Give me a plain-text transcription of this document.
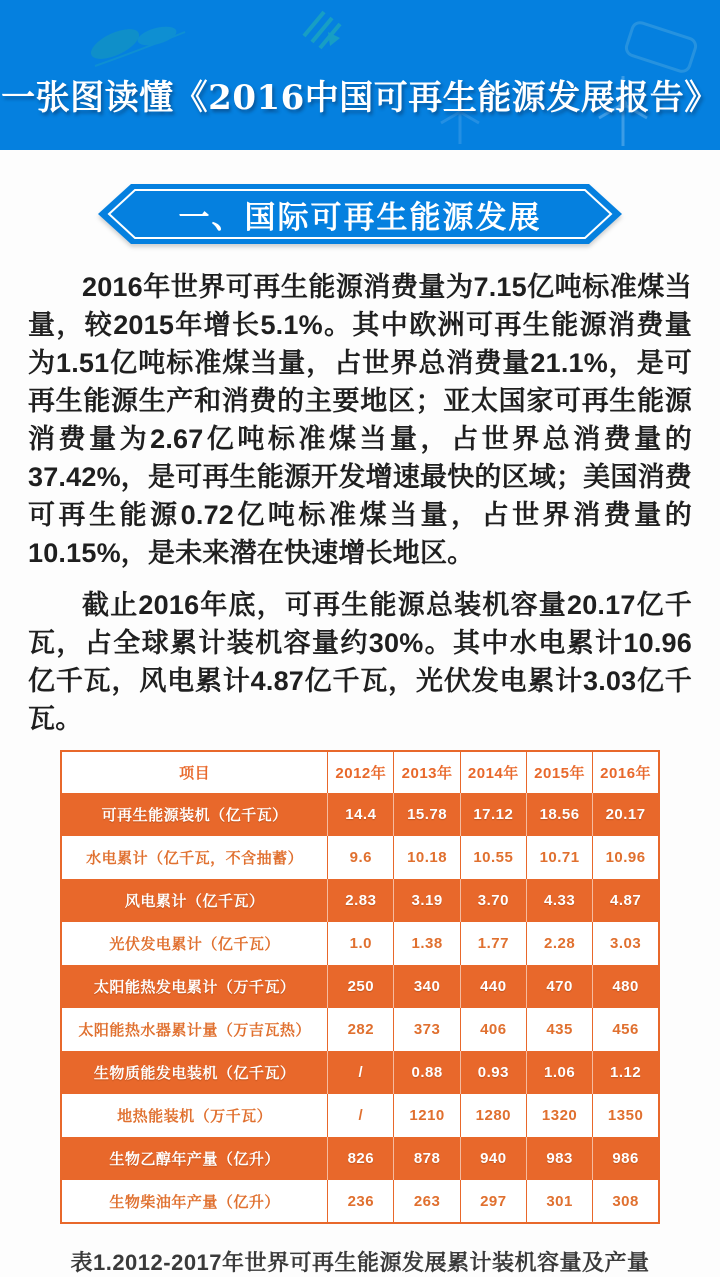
一张图读懂《2016中国可再生能源发展报告》
一、国际可再生能源发展

2016年世界可再生能源消费量为7.15亿吨标准煤当量，较2015年增长5.1%。其中欧洲可再生能源消费量为1.51亿吨标准煤当量，占世界总消费量21.1%，是可再生能源生产和消费的主要地区；亚太国家可再生能源消费量为2.67亿吨标准煤当量，占世界总消费量的37.42%，是可再生能源开发增速最快的区域；美国消费可再生能源0.72亿吨标准煤当量，占世界消费量的10.15%，是未来潜在快速增长地区。

截止2016年底，可再生能源总装机容量20.17亿千瓦，占全球累计装机容量约30%。其中水电累计10.96亿千瓦，风电累计4.87亿千瓦，光伏发电累计3.03亿千瓦。

项目	2012年	2013年	2014年	2015年	2016年
可再生能源装机（亿千瓦）	14.4	15.78	17.12	18.56	20.17
水电累计（亿千瓦，不含抽蓄）	9.6	10.18	10.55	10.71	10.96
风电累计（亿千瓦）	2.83	3.19	3.70	4.33	4.87
光伏发电累计（亿千瓦）	1.0	1.38	1.77	2.28	3.03
太阳能热发电累计（万千瓦）	250	340	440	470	480
太阳能热水器累计量（万吉瓦热）	282	373	406	435	456
生物质能发电装机（亿千瓦）	/	0.88	0.93	1.06	1.12
地热能装机（万千瓦）	/	1210	1280	1320	1350
生物乙醇年产量（亿升）	826	878	940	983	986
生物柴油年产量（亿升）	236	263	297	301	308
表1.2012-2017年世界可再生能源发展累计装机容量及产量
